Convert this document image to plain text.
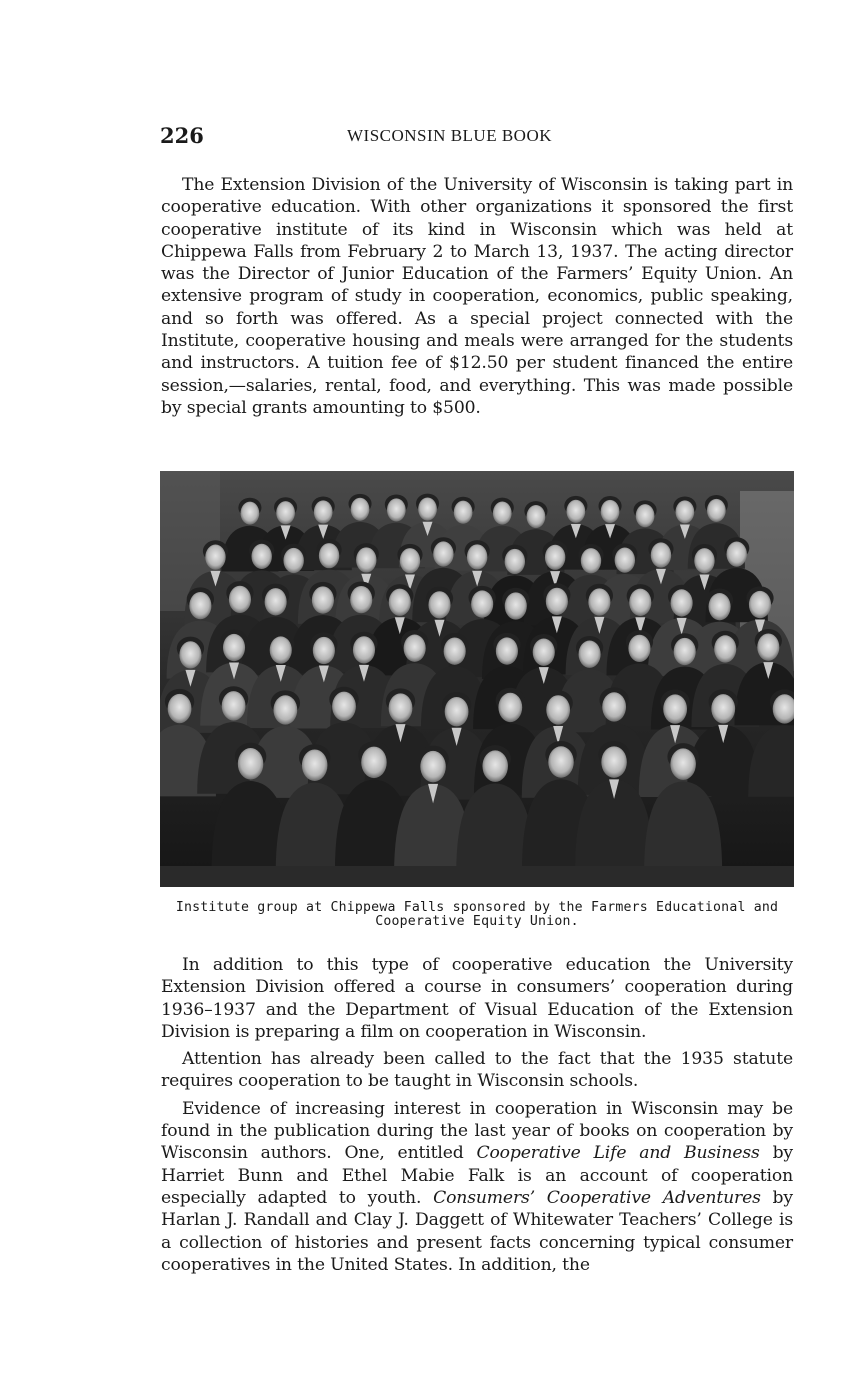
226	WISCONSIN BLUE BOOK

The Extension Division of the University of Wisconsin is taking part in cooperative education. With other organizations it sponsored the first cooperative institute of its kind in Wisconsin which was held at Chippewa Falls from February 2 to March 13, 1937. The acting director was the Director of Junior Education of the Farmers’ Equity Union. An extensive program of study in cooperation, economics, public speaking, and so forth was offered. As a special project connected with the Institute, cooperative housing and meals were arranged for the students and instructors. A tuition fee of $12.50 per student financed the entire session,—salaries, rental, food, and everything. This was made possible by special grants amounting to $500.

Institute group at Chippewa Falls sponsored by the Farmers Educational and Cooperative Equity Union.

In addition to this type of cooperative education the University Extension Division offered a course in consumers’ cooperation during 1936–1937 and the Department of Visual Education of the Extension Division is preparing a film on cooperation in Wisconsin.

Attention has already been called to the fact that the 1935 statute requires cooperation to be taught in Wisconsin schools.

Evidence of increasing interest in cooperation in Wisconsin may be found in the publication during the last year of books on cooperation by Wisconsin authors. One, entitled Cooperative Life and Business by Harriet Bunn and Ethel Mabie Falk is an account of cooperation especially adapted to youth. Consumers’ Cooperative Adventures by Harlan J. Randall and Clay J. Daggett of Whitewater Teachers’ College is a collection of histories and present facts concerning typical consumer cooperatives in the United States. In addition, the
